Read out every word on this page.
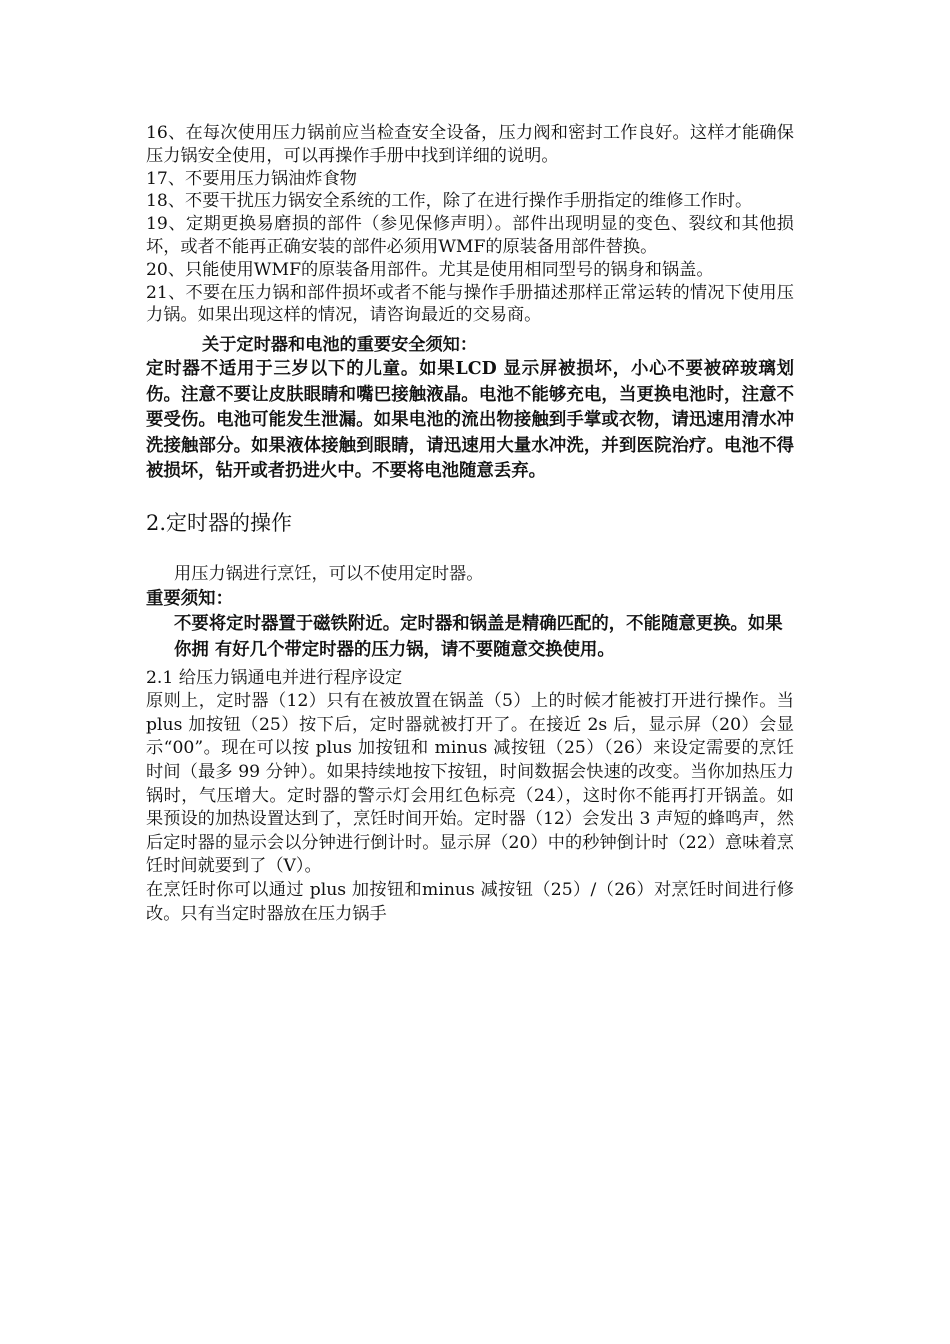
16、在每次使用压力锅前应当检查安全设备，压力阀和密封工作良好。这样才能确保压力锅安全使用，可以再操作手册中找到详细的说明。

17、不要用压力锅油炸食物

18、不要干扰压力锅安全系统的工作，除了在进行操作手册指定的维修工作时。

19、定期更换易磨损的部件（参见保修声明）。部件出现明显的变色、裂纹和其他损坏，或者不能再正确安装的部件必须用WMF的原装备用部件替换。

20、只能使用WMF的原装备用部件。尤其是使用相同型号的锅身和锅盖。

21、不要在压力锅和部件损坏或者不能与操作手册描述那样正常运转的情况下使用压力锅。如果出现这样的情况，请咨询最近的交易商。

关于定时器和电池的重要安全须知：

定时器不适用于三岁以下的儿童。如果LCD 显示屏被损坏，小心不要被碎玻璃划伤。注意不要让皮肤眼睛和嘴巴接触液晶。电池不能够充电，当更换电池时，注意不要受伤。电池可能发生泄漏。如果电池的流出物接触到手掌或衣物，请迅速用清水冲洗接触部分。如果液体接触到眼睛，请迅速用大量水冲洗，并到医院治疗。电池不得被损坏，钻开或者扔进火中。不要将电池随意丢弃。

2.定时器的操作

用压力锅进行烹饪，可以不使用定时器。

重要须知：

不要将定时器置于磁铁附近。定时器和锅盖是精确匹配的，不能随意更换。如果你拥 有好几个带定时器的压力锅，请不要随意交换使用。

2.1 给压力锅通电并进行程序设定

原则上，定时器（12）只有在被放置在锅盖（5）上的时候才能被打开进行操作。当 plus 加按钮（25）按下后，定时器就被打开了。在接近 2s 后，显示屏（20）会显示“00”。现在可以按 plus 加按钮和 minus 减按钮（25）（26）来设定需要的烹饪时间（最多 99 分钟）。如果持续地按下按钮，时间数据会快速的改变。当你加热压力锅时，气压增大。定时器的警示灯会用红色标亮（24），这时你不能再打开锅盖。如果预设的加热设置达到了，烹饪时间开始。定时器（12）会发出 3 声短的蜂鸣声，然后定时器的显示会以分钟进行倒计时。显示屏（20）中的秒钟倒计时（22）意味着烹饪时间就要到了（V）。

在烹饪时你可以通过 plus 加按钮和minus 减按钮（25）/（26）对烹饪时间进行修改。只有当定时器放在压力锅手
